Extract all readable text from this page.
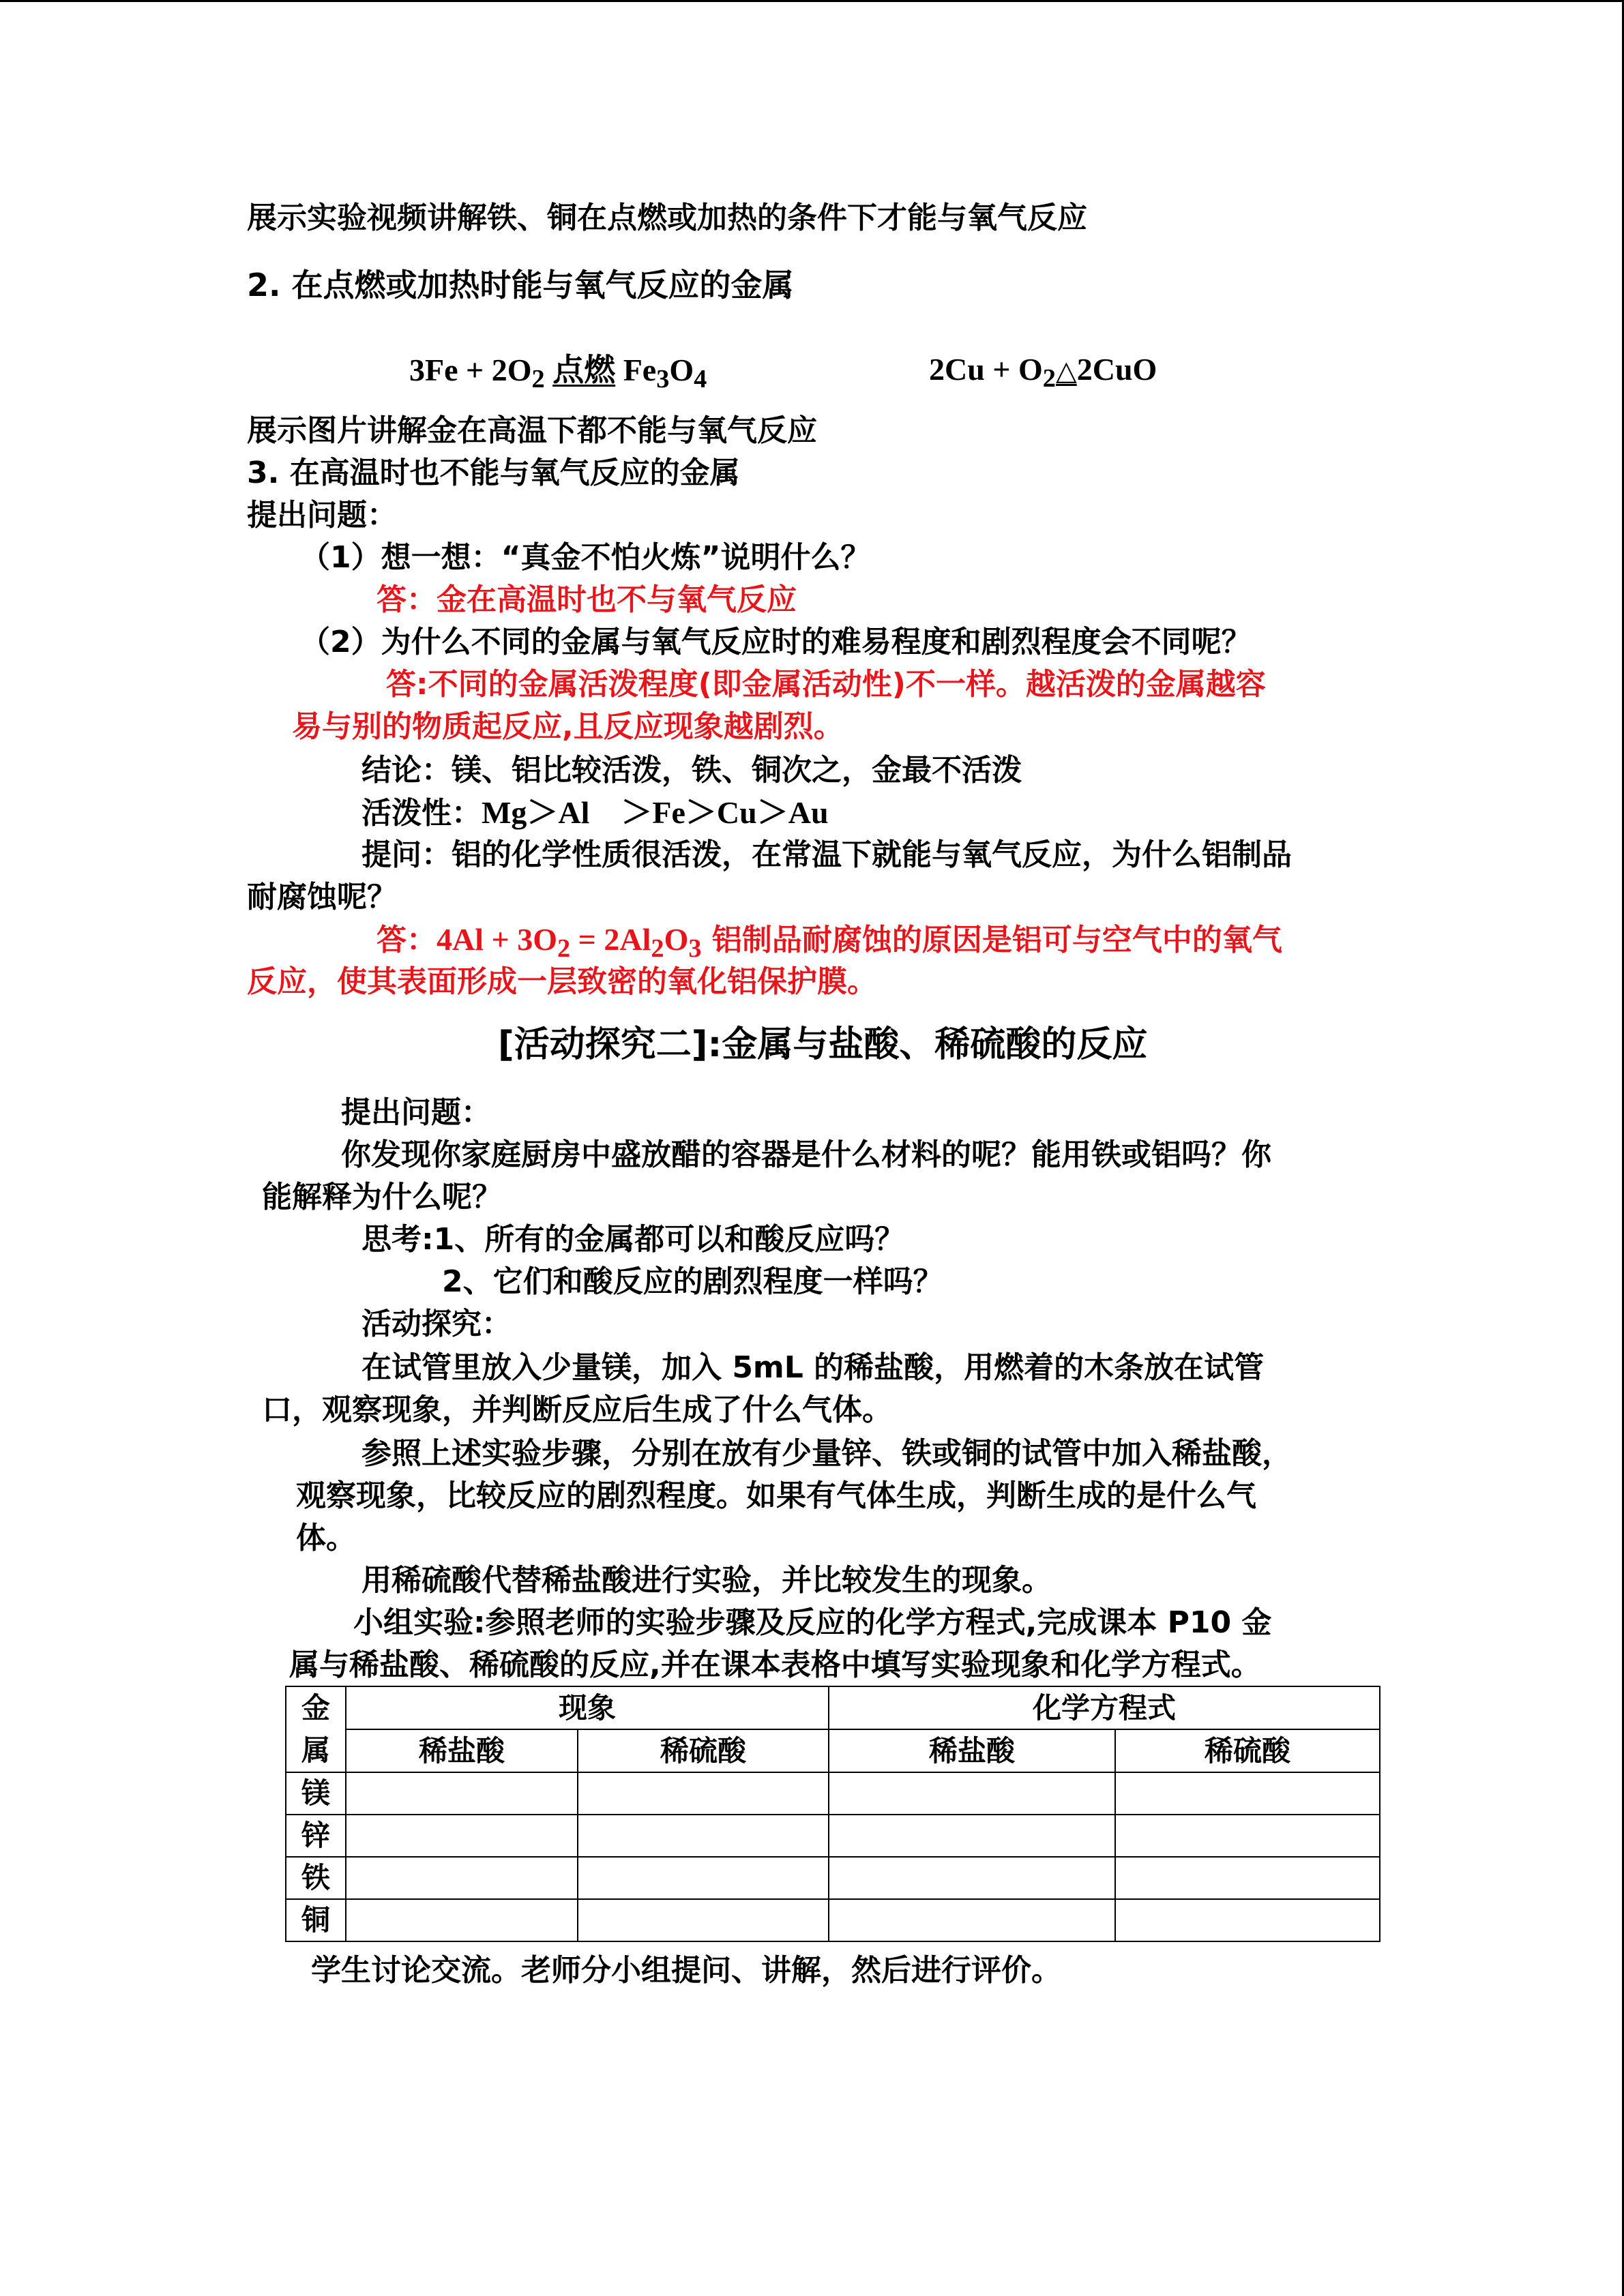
展示实验视频讲解铁、铜在点燃或加热的条件下才能与氧气反应
2. 在点燃或加热时能与氧气反应的金属
$3Fe + 2O_2$ 点燃 $Fe_3O_4$	$2Cu + O_2\triangle 2CuO$
展示图片讲解金在高温下都不能与氧气反应
3. 在高温时也不能与氧气反应的金属
提出问题：
（1）想一想：“真金不怕火炼”说明什么？
答：金在高温时也不与氧气反应
（2）为什么不同的金属与氧气反应时的难易程度和剧烈程度会不同呢？
答:不同的金属活泼程度(即金属活动性)不一样。越活泼的金属越容
易与别的物质起反应,且反应现象越剧烈。
结论：镁、铝比较活泼，铁、铜次之，金最不活泼
活泼性：Mg＞Al　＞Fe＞Cu＞Au
提问：铝的化学性质很活泼，在常温下就能与氧气反应，为什么铝制品
耐腐蚀呢？
答：$4Al + 3O_2 = 2Al_2O_3$ 铝制品耐腐蚀的原因是铝可与空气中的氧气
反应，使其表面形成一层致密的氧化铝保护膜。
[活动探究二]:金属与盐酸、稀硫酸的反应
提出问题：
你发现你家庭厨房中盛放醋的容器是什么材料的呢？能用铁或铝吗？你
能解释为什么呢？
思考:1、所有的金属都可以和酸反应吗？
2、它们和酸反应的剧烈程度一样吗？
活动探究：
在试管里放入少量镁，加入 5mL 的稀盐酸，用燃着的木条放在试管
口，观察现象，并判断反应后生成了什么气体。
参照上述实验步骤，分别在放有少量锌、铁或铜的试管中加入稀盐酸，
观察现象，比较反应的剧烈程度。如果有气体生成，判断生成的是什么气
体。
用稀硫酸代替稀盐酸进行实验，并比较发生的现象。
小组实验:参照老师的实验步骤及反应的化学方程式,完成课本 P10 金
属与稀盐酸、稀硫酸的反应,并在课本表格中填写实验现象和化学方程式。
金
属	现象		化学方程式	
	稀盐酸	稀硫酸	稀盐酸	稀硫酸
镁				
锌				
铁				
铜				
学生讨论交流。老师分小组提问、讲解，然后进行评价。
